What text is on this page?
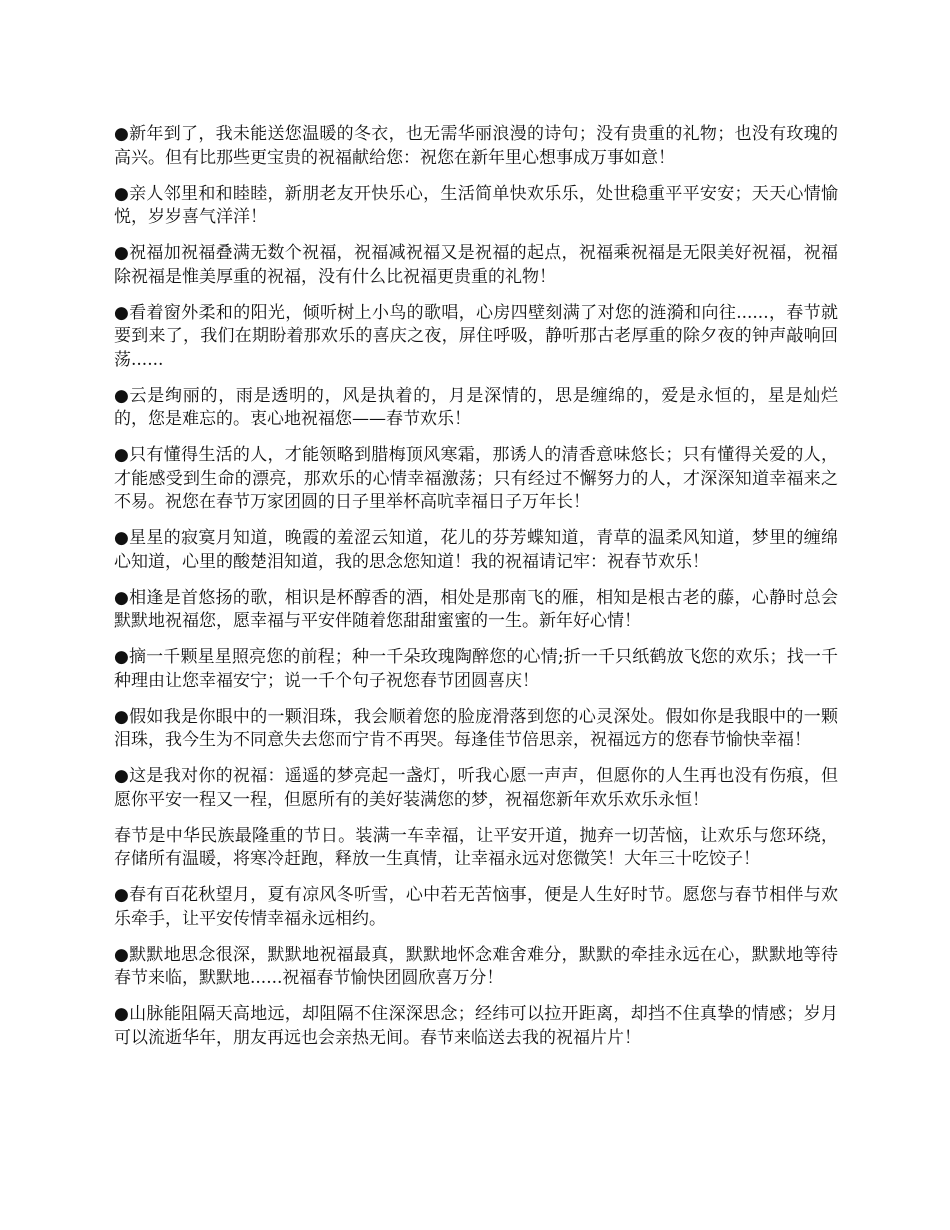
●新年到了，我未能送您温暖的冬衣，也无需华丽浪漫的诗句；没有贵重的礼物；也没有玫瑰的高兴。但有比那些更宝贵的祝福献给您：祝您在新年里心想事成万事如意！

●亲人邻里和和睦睦，新朋老友开快乐心，生活简单快欢乐乐，处世稳重平平安安；天天心情愉悦，岁岁喜气洋洋！

●祝福加祝福叠满无数个祝福，祝福减祝福又是祝福的起点，祝福乘祝福是无限美好祝福，祝福除祝福是惟美厚重的祝福，没有什么比祝福更贵重的礼物！

●看着窗外柔和的阳光，倾听树上小鸟的歌唱，心房四壁刻满了对您的涟漪和向往......，春节就要到来了，我们在期盼着那欢乐的喜庆之夜，屏住呼吸，静听那古老厚重的除夕夜的钟声敲响回荡......

●云是绚丽的，雨是透明的，风是执着的，月是深情的，思是缠绵的，爱是永恒的，星是灿烂的，您是难忘的。衷心地祝福您——春节欢乐！

●只有懂得生活的人，才能领略到腊梅顶风寒霜，那诱人的清香意味悠长；只有懂得关爱的人，才能感受到生命的漂亮，那欢乐的心情幸福激荡；只有经过不懈努力的人，才深深知道幸福来之不易。祝您在春节万家团圆的日子里举杯高吭幸福日子万年长！

●星星的寂寞月知道，晚霞的羞涩云知道，花儿的芬芳蝶知道，青草的温柔风知道，梦里的缠绵心知道，心里的酸楚泪知道，我的思念您知道！我的祝福请记牢：祝春节欢乐！

●相逢是首悠扬的歌，相识是杯醇香的酒，相处是那南飞的雁，相知是根古老的藤，心静时总会默默地祝福您，愿幸福与平安伴随着您甜甜蜜蜜的一生。新年好心情！

●摘一千颗星星照亮您的前程；种一千朵玫瑰陶醉您的心情;折一千只纸鹤放飞您的欢乐；找一千种理由让您幸福安宁；说一千个句子祝您春节团圆喜庆！

●假如我是你眼中的一颗泪珠，我会顺着您的脸庞滑落到您的心灵深处。假如你是我眼中的一颗泪珠，我今生为不同意失去您而宁肯不再哭。每逢佳节倍思亲，祝福远方的您春节愉快幸福！

●这是我对你的祝福：遥遥的梦亮起一盏灯，听我心愿一声声，但愿你的人生再也没有伤痕，但愿你平安一程又一程，但愿所有的美好装满您的梦，祝福您新年欢乐欢乐永恒！

春节是中华民族最隆重的节日。装满一车幸福，让平安开道，抛弃一切苦恼，让欢乐与您环绕，存储所有温暖，将寒冷赶跑，释放一生真情，让幸福永远对您微笑！大年三十吃饺子！

●春有百花秋望月，夏有凉风冬听雪，心中若无苦恼事，便是人生好时节。愿您与春节相伴与欢乐牵手，让平安传情幸福永远相约。

●默默地思念很深，默默地祝福最真，默默地怀念难舍难分，默默的牵挂永远在心，默默地等待春节来临，默默地......祝福春节愉快团圆欣喜万分！

●山脉能阻隔天高地远，却阻隔不住深深思念；经纬可以拉开距离，却挡不住真挚的情感；岁月可以流逝华年，朋友再远也会亲热无间。春节来临送去我的祝福片片！
